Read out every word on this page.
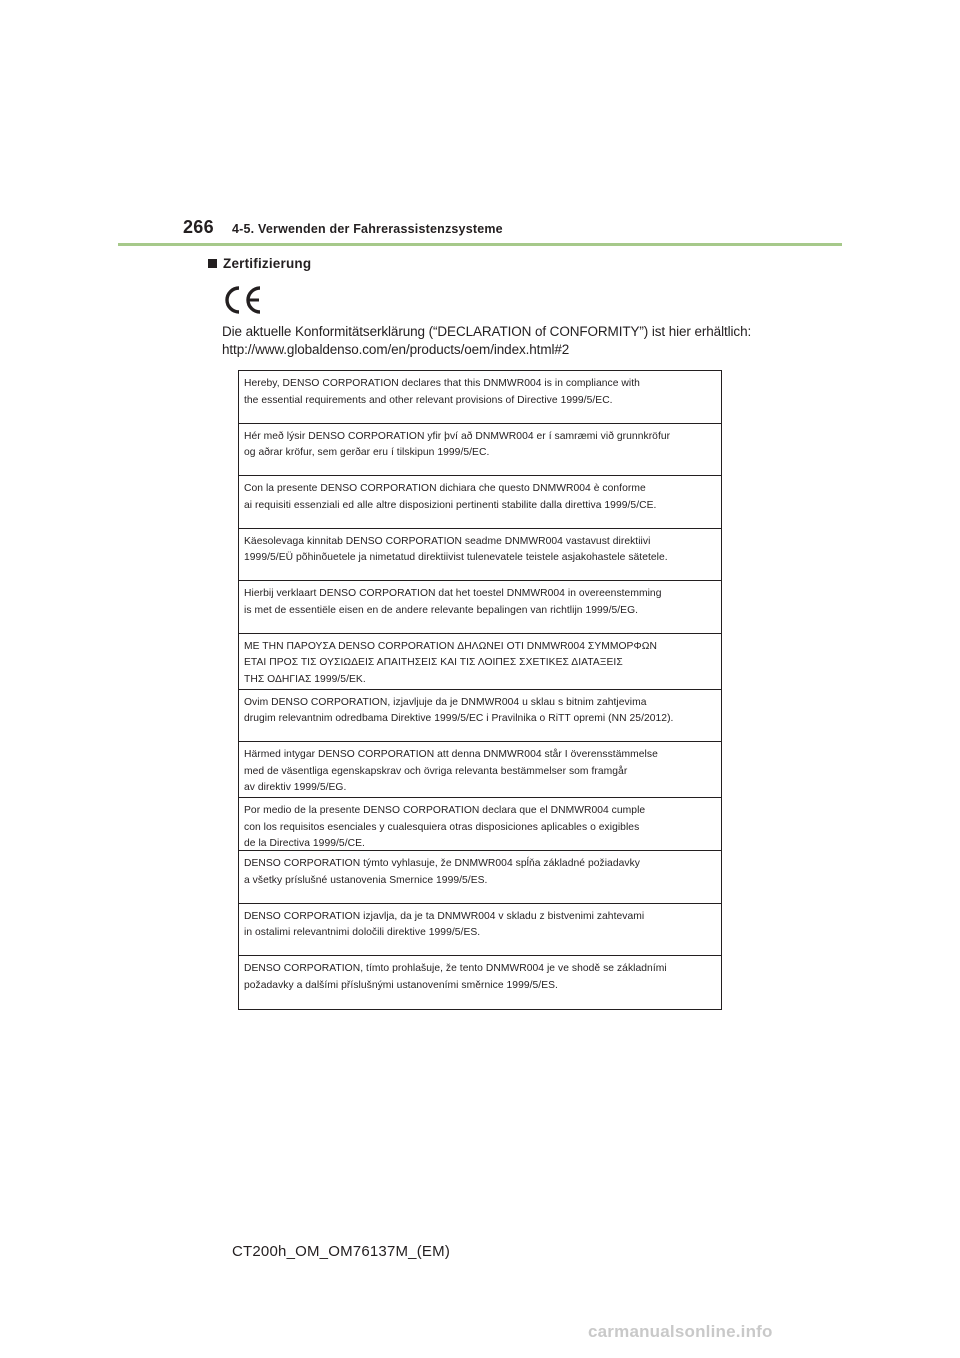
266 4-5. Verwenden der Fahrerassistenzsysteme
Zertifizierung
Die aktuelle Konformitätserklärung (“DECLARATION of CONFORMITY”) ist hier erhältlich:
http://www.globaldenso.com/en/products/oem/index.html#2
Hereby, DENSO CORPORATION declares that this DNMWR004 is in compliance with
the essential requirements and other relevant provisions of Directive 1999/5/EC.
Hér með lýsir DENSO CORPORATION yfir því að DNMWR004 er í samræmi við grunnkröfur
og aðrar kröfur, sem gerðar eru í tilskipun 1999/5/EC.
Con la presente DENSO CORPORATION dichiara che questo DNMWR004 è conforme
ai requisiti essenziali ed alle altre disposizioni pertinenti stabilite dalla direttiva 1999/5/CE.
Käesolevaga kinnitab DENSO CORPORATION seadme DNMWR004 vastavust direktiivi
1999/5/EÜ põhinõuetele ja nimetatud direktiivist tulenevatele teistele asjakohastele sätetele.
Hierbij verklaart DENSO CORPORATION dat het toestel DNMWR004 in overeenstemming
is met de essentiële eisen en de andere relevante bepalingen van richtlijn 1999/5/EG.
ΜΕ ΤΗΝ ΠΑΡΟΥΣΑ DENSO CORPORATION ΔΗΛΩΝΕΙ ΟΤΙ DNMWR004 ΣΥΜΜΟΡΦΩΝ
ΕΤΑΙ ΠΡΟΣ ΤΙΣ ΟΥΣΙΩΔΕΙΣ ΑΠΑΙΤΗΣΕΙΣ ΚΑΙ ΤΙΣ ΛΟΙΠΕΣ ΣΧΕΤΙΚΕΣ ΔΙΑΤΑΞΕΙΣ
ΤΗΣ ΟΔΗΓΙΑΣ 1999/5/ΕΚ.
Ovim DENSO CORPORATION, izjavljuje da je DNMWR004 u sklau s bitnim zahtjevima
drugim relevantnim odredbama Direktive 1999/5/EC i Pravilnika o RiTT opremi (NN 25/2012).
Härmed intygar DENSO CORPORATION att denna DNMWR004 står I överensstämmelse
med de väsentliga egenskapskrav och övriga relevanta bestämmelser som framgår
av direktiv 1999/5/EG.
Por medio de la presente DENSO CORPORATION declara que el DNMWR004 cumple
con los requisitos esenciales y cualesquiera otras disposiciones aplicables o exigibles
de la Directiva 1999/5/CE.
DENSO CORPORATION týmto vyhlasuje, že DNMWR004 spĺňa základné požiadavky
a všetky príslušné ustanovenia Smernice 1999/5/ES.
DENSO CORPORATION izjavlja, da je ta DNMWR004 v skladu z bistvenimi zahtevami
in ostalimi relevantnimi določili direktive 1999/5/ES.
DENSO CORPORATION, tímto prohlašuje, že tento DNMWR004 je ve shodě se základními
požadavky a dalšími příslušnými ustanoveními směrnice 1999/5/ES.
CT200h_OM_OM76137M_(EM)
carmanualsonline.info
